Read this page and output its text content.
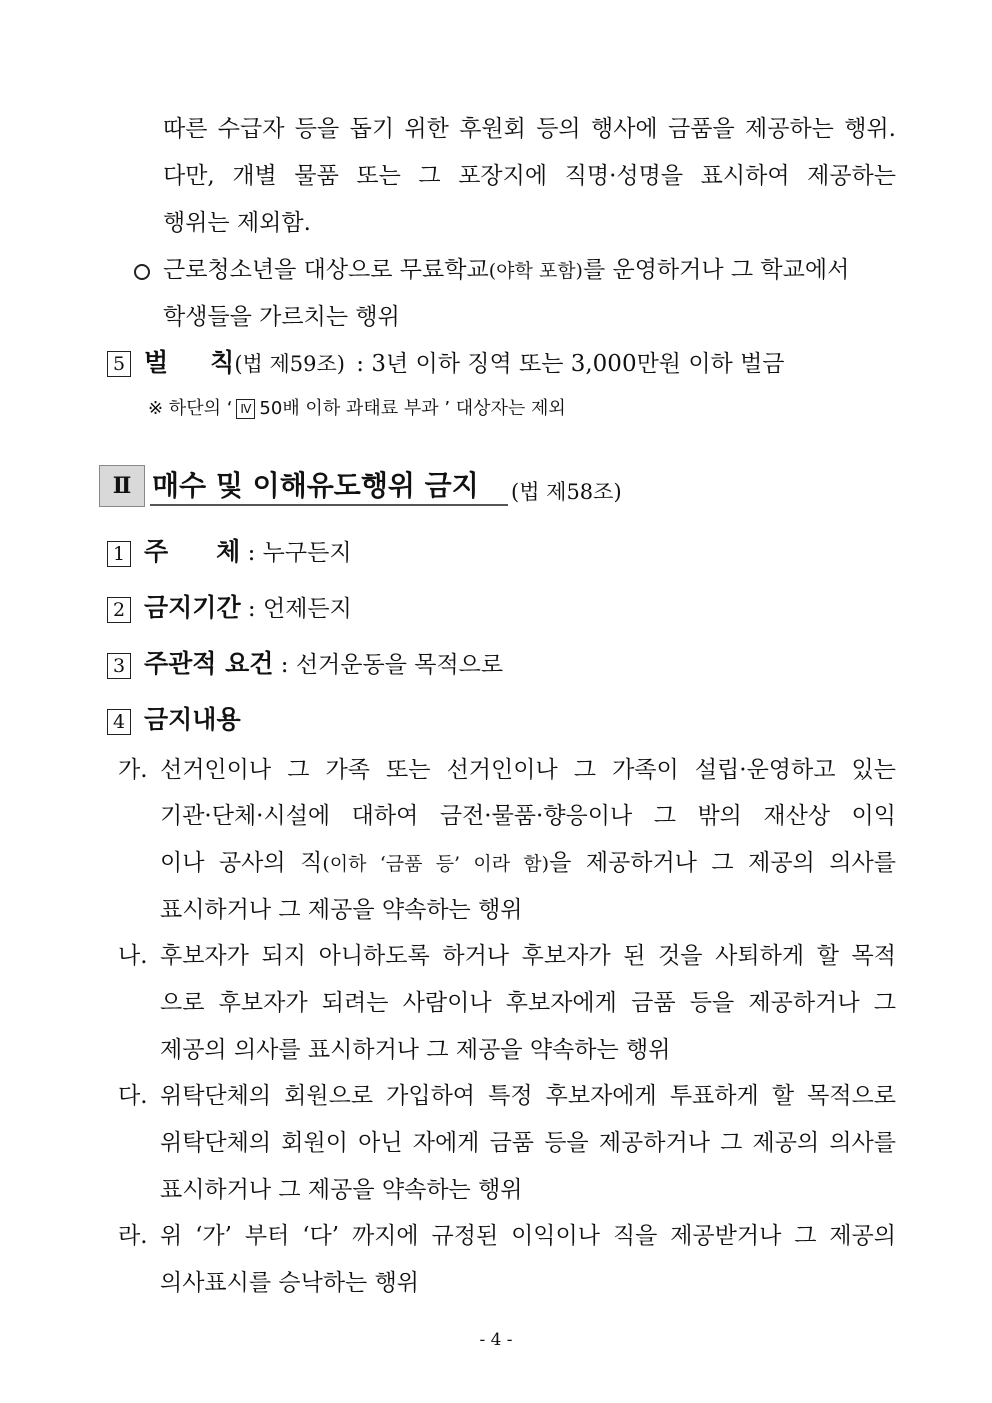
따른 수급자 등을 돕기 위한 후원회 등의 행사에 금품을 제공하는 행위.
다만, 개별 물품 또는 그 포장지에 직명·성명을 표시하여 제공하는
행위는 제외함.
근로청소년을 대상으로 무료학교(야학 포함)를 운영하거나 그 학교에서
학생들을 가르치는 행위
5 벌 칙(법 제59조) : 3년 이하 징역 또는 3,000만원 이하 벌금
※ 하단의 ‘ Ⅳ 50배 이하 과태료 부과 ’ 대상자는 제외
Ⅱ 매수 및 이해유도행위 금지 (법 제58조)
1 주 체 : 누구든지
2 금지기간 : 언제든지
3 주관적 요건 : 선거운동을 목적으로
4 금지내용
가. 선거인이나 그 가족 또는 선거인이나 그 가족이 설립·운영하고 있는
기관·단체·시설에 대하여 금전·물품·향응이나 그 밖의 재산상 이익
이나 공사의 직(이하 ‘금품 등’ 이라 함)을 제공하거나 그 제공의 의사를
표시하거나 그 제공을 약속하는 행위
나. 후보자가 되지 아니하도록 하거나 후보자가 된 것을 사퇴하게 할 목적
으로 후보자가 되려는 사람이나 후보자에게 금품 등을 제공하거나 그
제공의 의사를 표시하거나 그 제공을 약속하는 행위
다. 위탁단체의 회원으로 가입하여 특정 후보자에게 투표하게 할 목적으로
위탁단체의 회원이 아닌 자에게 금품 등을 제공하거나 그 제공의 의사를
표시하거나 그 제공을 약속하는 행위
라. 위 ‘가’ 부터 ‘다’ 까지에 규정된 이익이나 직을 제공받거나 그 제공의
의사표시를 승낙하는 행위
- 4 -
